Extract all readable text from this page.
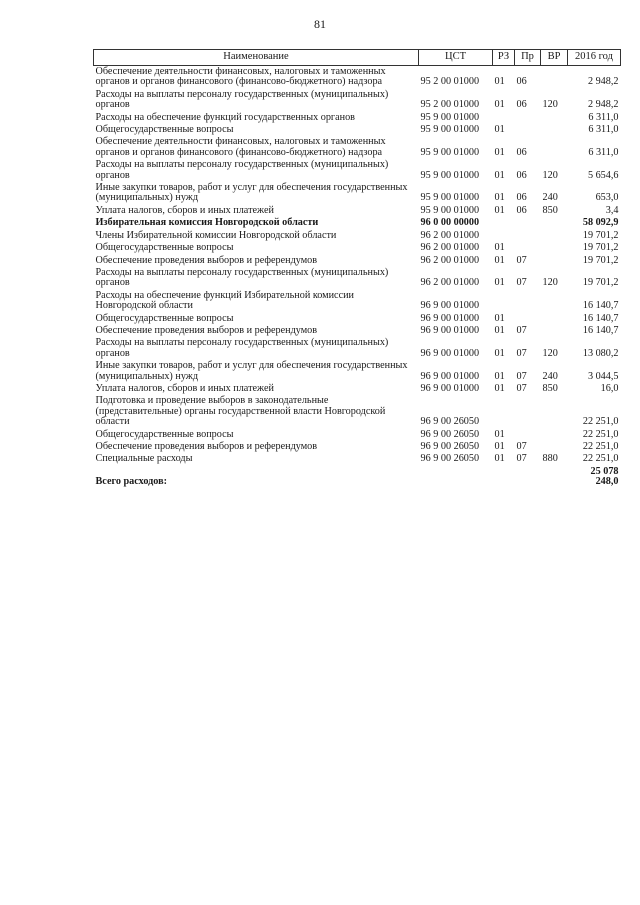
81
Наименование	ЦСТ	РЗ	Пр	ВР	2016 год
Обеспечение деятельности финансовых, налоговых и таможенных органов и органов финансового (финансово-бюджетного) надзора	95 2 00 01000	01	06		2 948,2
Расходы на выплаты персоналу государственных (муниципальных) органов	95 2 00 01000	01	06	120	2 948,2
Расходы на обеспечение функций государственных органов	95 9 00 01000				6 311,0
Общегосударственные вопросы	95 9 00 01000	01			6 311,0
Обеспечение деятельности финансовых, налоговых и таможенных органов и органов финансового (финансово-бюджетного) надзора	95 9 00 01000	01	06		6 311,0
Расходы на выплаты персоналу государственных (муниципальных) органов	95 9 00 01000	01	06	120	5 654,6
Иные закупки товаров, работ и услуг для обеспечения государственных (муниципальных) нужд	95 9 00 01000	01	06	240	653,0
Уплата налогов, сборов и иных платежей	95 9 00 01000	01	06	850	3,4
Избирательная комиссия Новгородской области	96 0 00 00000				58 092,9
Члены Избирательной комиссии Новгородской области	96 2 00 01000				19 701,2
Общегосударственные вопросы	96 2 00 01000	01			19 701,2
Обеспечение проведения выборов и референдумов	96 2 00 01000	01	07		19 701,2
Расходы на выплаты персоналу государственных (муниципальных) органов	96 2 00 01000	01	07	120	19 701,2
Расходы на обеспечение функций Избирательной комиссии Новгородской области	96 9 00 01000				16 140,7
Общегосударственные вопросы	96 9 00 01000	01			16 140,7
Обеспечение проведения выборов и референдумов	96 9 00 01000	01	07		16 140,7
Расходы на выплаты персоналу государственных (муниципальных) органов	96 9 00 01000	01	07	120	13 080,2
Иные закупки товаров, работ и услуг для обеспечения государственных (муниципальных) нужд	96 9 00 01000	01	07	240	3 044,5
Уплата налогов, сборов и иных платежей	96 9 00 01000	01	07	850	16,0
Подготовка и проведение выборов в законодательные (представительные) органы государственной власти Новгородской области	96 9 00 26050				22 251,0
Общегосударственные вопросы	96 9 00 26050	01			22 251,0
Обеспечение проведения выборов и референдумов	96 9 00 26050	01	07		22 251,0
Специальные расходы	96 9 00 26050	01	07	880	22 251,0
Всего расходов:					25 078 248,0
